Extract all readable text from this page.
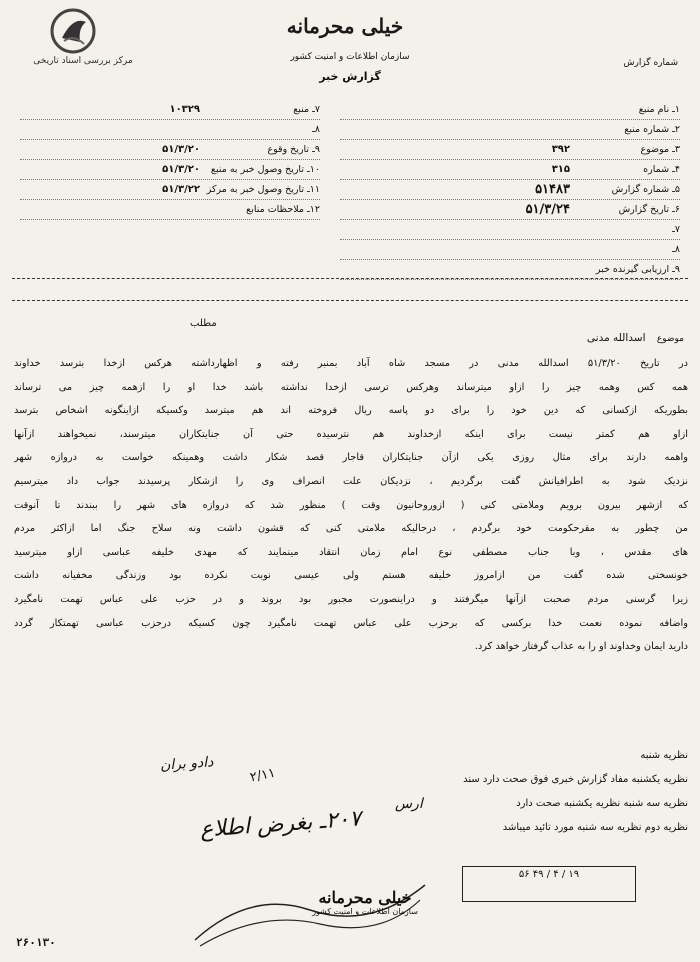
مرکز بررسی اسناد تاریخی
خیلی محرمانه
سازمان اطلاعات و امنیت کشور
گزارش خبر
شماره گزارش
۱ـ نام منبع
۲ـ شماره منبع
۳ـ موضوع
۳۹۲
۴ـ شماره
۳۱۵
۵ـ شماره گزارش
۵۱۴۸۳
۶ـ تاریخ گزارش
۵۱/۳/۲۴
۷ـ
۸ـ
۹ـ ارزیابی گیرنده خبر
۷ـ منبع
۱۰۳۲۹
۸ـ
۹ـ تاریخ وقوع
۵۱/۳/۲۰
۱۰ـ تاریخ وصول خبر به منبع
۵۱/۳/۲۰
۱۱ـ تاریخ وصول خبر به مرکز
۵۱/۳/۲۲
۱۲ـ ملاحظات منابع
مطلب
موضوع اسدالله مدنی
در تاریخ ۵۱/۳/۲۰ اسدالله مدنی در مسجد شاه آباد بمنبر رفته و اظهارداشته هرکس ازخدا بترسد خداوند
همه کس وهمه چیز را ازاو میترساند وهرکس ترسی ازخدا نداشته باشد خدا او را ازهمه چیز می ترساند
بطوریکه ازکسانی که دین خود را برای دو پاسه ریال فروخته اند هم میترسد وکسیکه ازاینگونه اشخاص بترسد
ازاو هم کمتر نیست برای اینکه ازخداوند هم نترسیده حتی آن جنایتکاران میترسند، نمیخواهند ازآنها
واهمه دارند برای مثال روزی یکی ازآن جنایتکاران قاجار قصد شکار داشت وهمینکه خواست به دروازه شهر
نزدیک شود به اطرافیانش گفت برگردیم ، نزدیکان علت انصراف وی را ازشکار پرسیدند جواب داد میترسیم
که ازشهر بیرون برویم وملامتی کنی ( ازوروحانیون وقت ) منظور شد که دروازه های شهر را ببندند تا آنوقت
من چطور به مقرحکومت خود برگردم ، درحالیکه ملامتی کنی که قشون داشت ونه سلاح جنگ اما ازاکثر مردم
های مقدس ، وبا جناب مصطفی نوع امام زمان انتقاد مینمایند که مهدی خلیفه عباسی ازاو میترسید
خونسختی شده گفت من ازامروز خلیفه هستم ولی عیسی نوبت نکرده بود وزندگی مخفیانه داشت
زیرا گرسنی مردم صحبت ازآنها میگرفتند و دراینصورت مجبور بود بروند و در حزب علی عباس تهمت نامگیرد
واضافه نموده نعمت خدا برکسی که برحزب علی عباس تهمت نامگیرد چون کسیکه درحزب عباسی تهمتکار گردد
دارید ایمان وخداوند او را به عذاب گرفتار خواهد کرد.
نظریه شنبه
نظریه یکشنبه مفاد گزارش خبری فوق صحت دارد سند
نظریه سه شنبه نظریه یکشنبه صحت دارد
نظریه دوم نظریه سه شنبه مورد تائید میباشد
دادو بران
۲/۱۱
ارس
۱۹ / ۴ / ۴۹ ۵۶
۲۰۷ـ بغرض اطلاع
خیلی محرمانه
سازمان اطلاعات و امنیت کشور
۲۶۰۱۳۰
